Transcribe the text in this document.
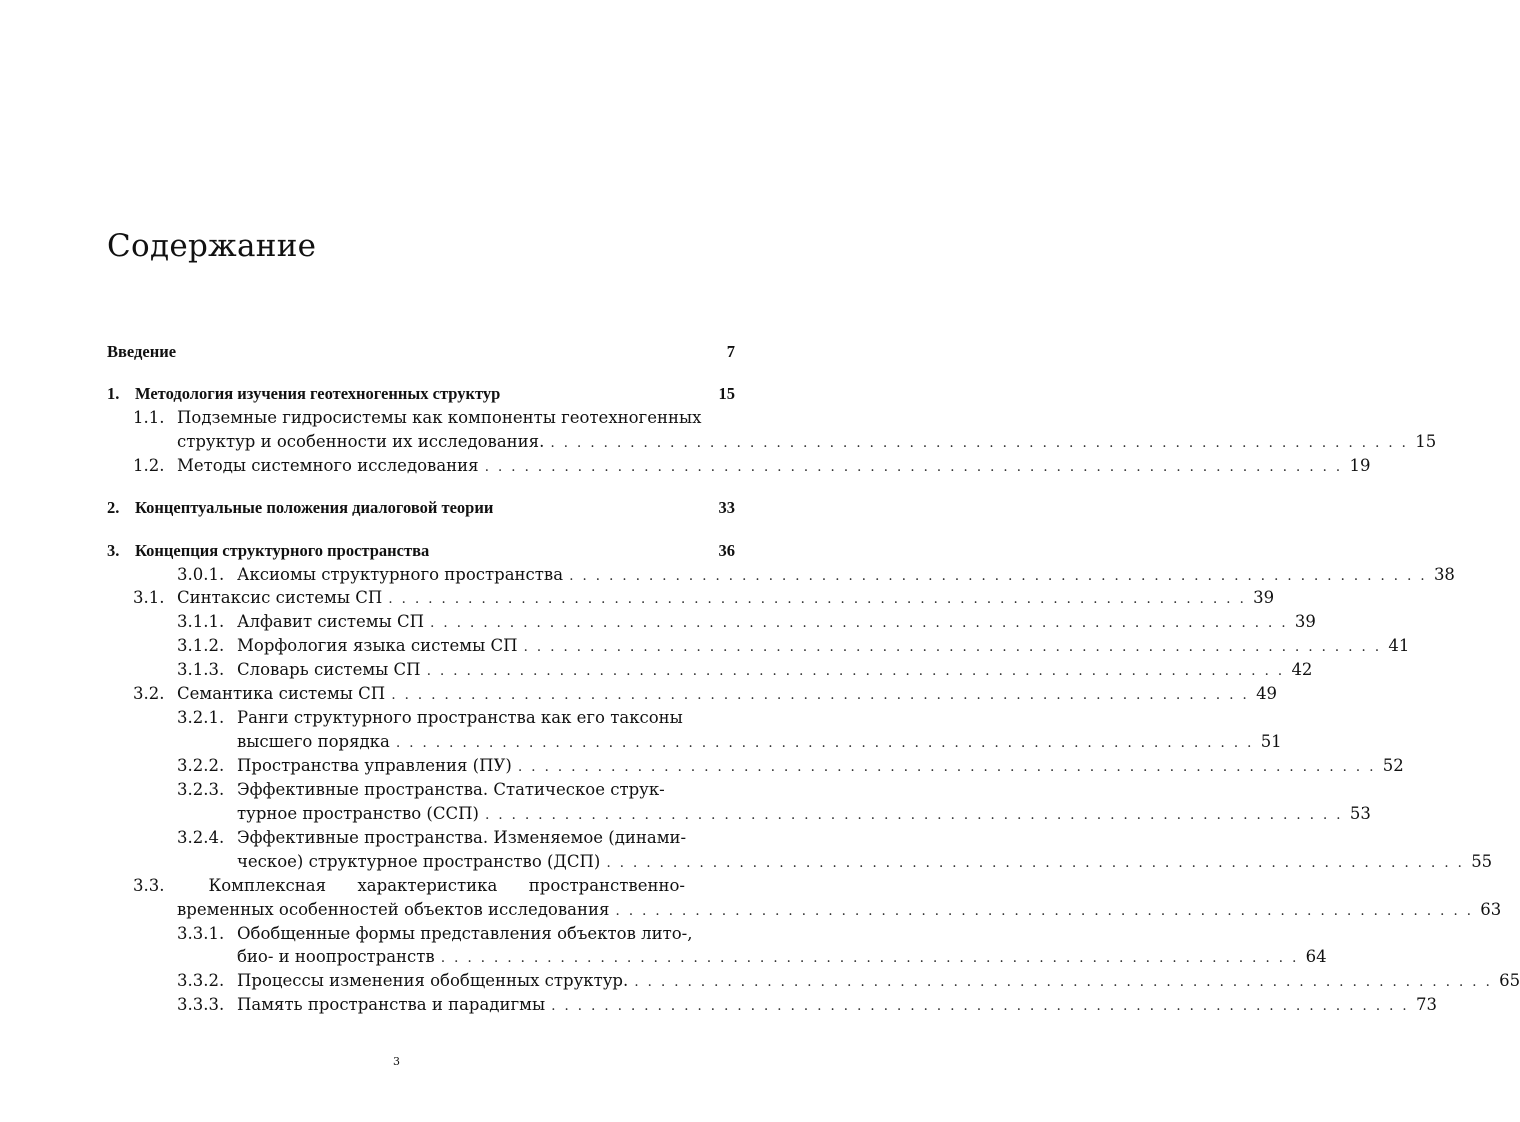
Содержание
Введение	7
1. Методология изучения геотехногенных структур	15
1.1. Подземные гидросистемы как компоненты геотехногенных
структур и особенности их исследования. . . .	15
1.2. Методы системного исследования . . .	19
2. Концептуальные положения диалоговой теории	33
3. Концепция структурного пространства	36
3.0.1. Аксиомы структурного пространства . . .	38
3.1. Синтаксис системы СП . . .	39
3.1.1. Алфавит системы СП . . .	39
3.1.2. Морфология языка системы СП . . .	41
3.1.3. Словарь системы СП . . .	42
3.2. Семантика системы СП . . .	49
3.2.1. Ранги структурного пространства как его таксоны
высшего порядка . . .	51
3.2.2. Пространства управления (ПУ) . . .	52
3.2.3. Эффективные пространства. Статическое струк-
турное пространство (ССП) . . .	53
3.2.4. Эффективные пространства. Изменяемое (динами-
ческое) структурное пространство (ДСП) . . .	55
3.3.	Комплексная характеристика пространственно-
временных особенностей объектов исследования . . .	63
3.3.1. Обобщенные формы представления объектов лито-,
био- и ноопространств . . .	64
3.3.2. Процессы изменения обобщенных структур. . . .	65
3.3.3. Память пространства и парадигмы . . .	73
3
